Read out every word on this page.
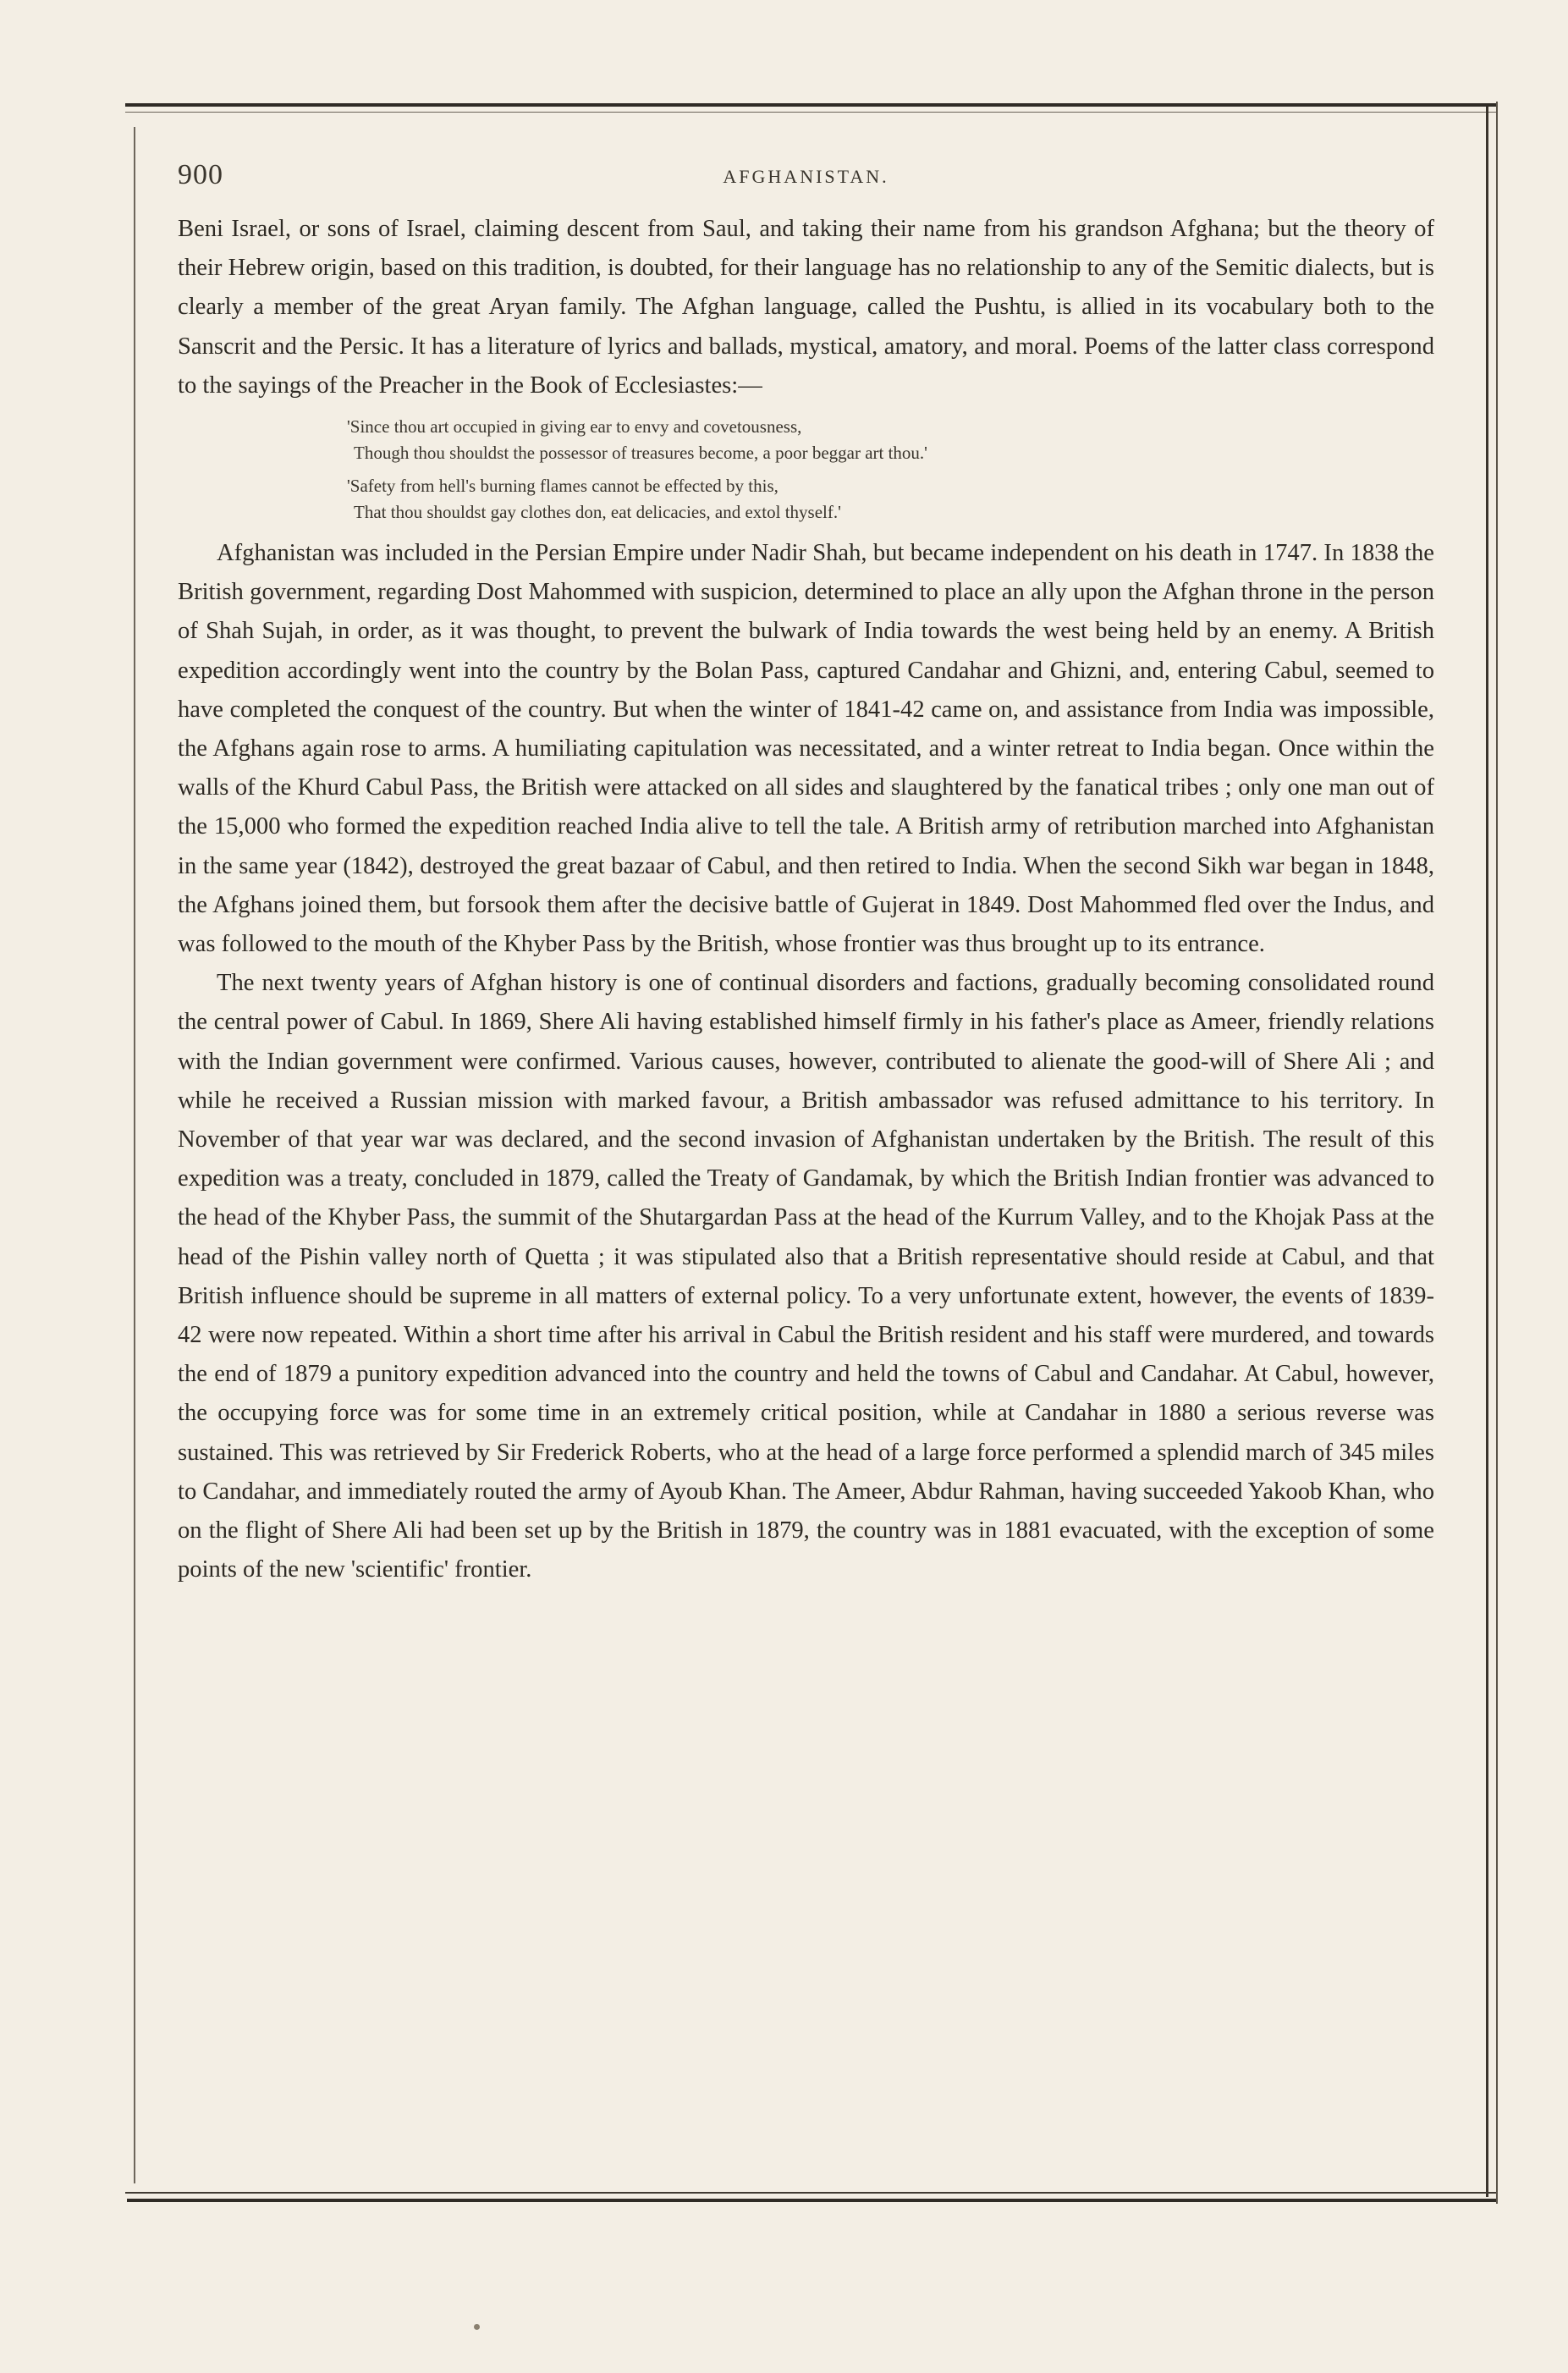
900	AFGHANISTAN.

Beni Israel, or sons of Israel, claiming descent from Saul, and taking their name from his grandson Afghana; but the theory of their Hebrew origin, based on this tradition, is doubted, for their language has no relationship to any of the Semitic dialects, but is clearly a member of the great Aryan family. The Afghan language, called the Pushtu, is allied in its vocabulary both to the Sanscrit and the Persic. It has a literature of lyrics and ballads, mystical, amatory, and moral. Poems of the latter class correspond to the sayings of the Preacher in the Book of Ecclesiastes:—

'Since thou art occupied in giving ear to envy and covetousness,
Though thou shouldst the possessor of treasures become, a poor beggar art thou.'
'Safety from hell's burning flames cannot be effected by this,
That thou shouldst gay clothes don, eat delicacies, and extol thyself.'

Afghanistan was included in the Persian Empire under Nadir Shah, but became independent on his death in 1747. In 1838 the British government, regarding Dost Mahommed with suspicion, determined to place an ally upon the Afghan throne in the person of Shah Sujah, in order, as it was thought, to prevent the bulwark of India towards the west being held by an enemy. A British expedition accordingly went into the country by the Bolan Pass, captured Candahar and Ghizni, and, entering Cabul, seemed to have completed the conquest of the country. But when the winter of 1841-42 came on, and assistance from India was impossible, the Afghans again rose to arms. A humiliating capitulation was necessitated, and a winter retreat to India began. Once within the walls of the Khurd Cabul Pass, the British were attacked on all sides and slaughtered by the fanatical tribes ; only one man out of the 15,000 who formed the expedition reached India alive to tell the tale. A British army of retribution marched into Afghanistan in the same year (1842), destroyed the great bazaar of Cabul, and then retired to India. When the second Sikh war began in 1848, the Afghans joined them, but forsook them after the decisive battle of Gujerat in 1849. Dost Mahommed fled over the Indus, and was followed to the mouth of the Khyber Pass by the British, whose frontier was thus brought up to its entrance.

The next twenty years of Afghan history is one of continual disorders and factions, gradually becoming consolidated round the central power of Cabul. In 1869, Shere Ali having established himself firmly in his father's place as Ameer, friendly relations with the Indian government were confirmed. Various causes, however, contributed to alienate the good-will of Shere Ali ; and while he received a Russian mission with marked favour, a British ambassador was refused admittance to his territory. In November of that year war was declared, and the second invasion of Afghanistan undertaken by the British. The result of this expedition was a treaty, concluded in 1879, called the Treaty of Gandamak, by which the British Indian frontier was advanced to the head of the Khyber Pass, the summit of the Shutargardan Pass at the head of the Kurrum Valley, and to the Khojak Pass at the head of the Pishin valley north of Quetta ; it was stipulated also that a British representative should reside at Cabul, and that British influence should be supreme in all matters of external policy. To a very unfortunate extent, however, the events of 1839-42 were now repeated. Within a short time after his arrival in Cabul the British resident and his staff were murdered, and towards the end of 1879 a punitory expedition advanced into the country and held the towns of Cabul and Candahar. At Cabul, however, the occupying force was for some time in an extremely critical position, while at Candahar in 1880 a serious reverse was sustained. This was retrieved by Sir Frederick Roberts, who at the head of a large force performed a splendid march of 345 miles to Candahar, and immediately routed the army of Ayoub Khan. The Ameer, Abdur Rahman, having succeeded Yakoob Khan, who on the flight of Shere Ali had been set up by the British in 1879, the country was in 1881 evacuated, with the exception of some points of the new 'scientific' frontier.
